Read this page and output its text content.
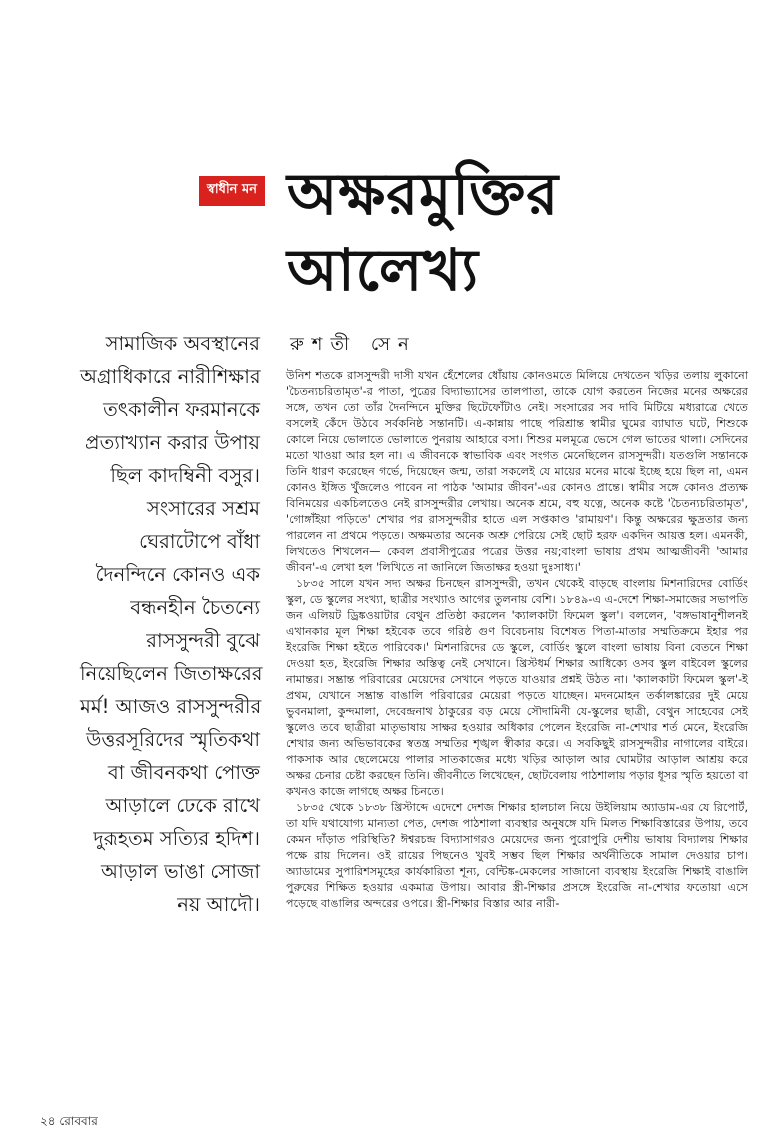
স্বাধীন মন অক্ষরমুক্তির
আলেখ্য
রুশতী সেন
সামাজিক অবস্থানের
অগ্রাধিকারে নারীশিক্ষার
তৎকালীন ফরমানকে
প্রত্যাখ্যান করার উপায়
ছিল কাদম্বিনী বসুর।
সংসারের সশ্রম
ঘেরাটোপে বাঁধা
দৈনন্দিনে কোনও এক
বন্ধনহীন চৈতন্যে
রাসসুন্দরী বুঝে
নিয়েছিলেন জিতাক্ষরের
মর্ম! আজও রাসসুন্দরীর
উত্তরসূরিদের স্মৃতিকথা
বা জীবনকথা পোক্ত
আড়ালে ঢেকে রাখে
দুরূহতম সত্যির হদিশ।
আড়াল ভাঙা সোজা
নয় আদৌ।

উনিশ শতকে রাসসুন্দরী দাসী যখন হেঁশেলের ধোঁয়ায় কোনওমতে মিলিয়ে দেখতেন খড়ির তলায় লুকানো 'চৈতন্যচরিতামৃত'-র পাতা, পুত্রের বিদ্যাভ্যাসের তালপাতা, তাকে যোগ করতেন নিজের মনের অক্ষরের সঙ্গে, তখন তো তাঁর দৈনন্দিনে মুক্তির ছিটেফোঁটাও নেই। সংসারের সব দাবি মিটিয়ে মধ্যরাত্রে খেতে বসলেই কেঁদে উঠবে সর্বকনিষ্ঠ সন্তানটি। এ-কান্নায় পাছে পরিশ্রান্ত স্বামীর ঘুমের ব্যাঘাত ঘটে, শিশুকে কোলে নিয়ে ভোলাতে ভোলাতে পুনরায় আহারে বসা। শিশুর মলমূত্রে ভেসে গেল ভাতের থালা। সেদিনের মতো খাওয়া আর হল না। এ জীবনকে স্বাভাবিক এবং সংগত মেনেছিলেন রাসসুন্দরী। যতগুলি সন্তানকে তিনি ধারণ করেছেন গর্ভে, দিয়েছেন জন্ম, তারা সকলেই যে মায়ের মনের মাঝে ইচ্ছে হয়ে ছিল না, এমন কোনও ইঙ্গিত খুঁজলেও পাবেন না পাঠক 'আমার জীবন'-এর কোনও প্রান্তে। স্বামীর সঙ্গে কোনও প্রত্যক্ষ বিনিময়ের একচিলতেও নেই রাসসুন্দরীর লেখায়। অনেক শ্রমে, বহু যত্নে, অনেক কষ্টে 'চৈতন্যচরিতামৃত', 'গোঙ্গাঁইয়া পড়িতে' শেখার পর রাসসুন্দরীর হাতে এল সপ্তকাণ্ড 'রামায়ণ'। কিন্তু অক্ষরের ক্ষুদ্রতার জন্য পারলেন না প্রথমে পড়তে। অক্ষমতার অনেক অশ্রু পেরিয়ে সেই ছোট হরফ একদিন আয়ত্ত হল। এমনকী, লিখতেও শিখলেন— কেবল প্রবাসীপুত্রের পত্রের উত্তর নয়;বাংলা ভাষায় প্রথম আত্মজীবনী 'আমার জীবন'-এ লেখা হল 'লিখিতে না জানিলে জিতাক্ষর হওয়া দুঃসাধ্য।'

১৮৩৫ সালে যখন সদ্য অক্ষর চিনছেন রাসসুন্দরী, তখন থেকেই বাড়ছে বাংলায় মিশনারিদের বোর্ডিং স্কুল, ডে স্কুলের সংখ্যা, ছাত্রীর সংখ্যাও আগের তুলনায় বেশি। ১৮৪৯-এ এ-দেশে শিক্ষা-সমাজের সভাপতি জন এলিয়ট ড্রিঙ্কওয়াটার বেথুন প্রতিষ্ঠা করলেন 'ক্যালকাটা ফিমেল স্কুল'। বললেন, 'বঙ্গভাষানুশীলনই এখানকার মূল শিক্ষা হইবেক তবে গরিষ্ঠ গুণ বিবেচনায় বিশেষত পিতা-মাতার সম্মতিক্রমে ইহার পর ইংরেজি শিক্ষা হইতে পারিবেক।' মিশনারিদের ডে স্কুলে, বোর্ডিং স্কুলে বাংলা ভাষায় বিনা বেতনে শিক্ষা দেওয়া হত, ইংরেজি শিক্ষার অস্তিত্ব নেই সেখানে। খ্রিস্টধর্ম শিক্ষার আধিক্যে ওসব স্কুল বাইবেল স্কুলের নামান্তর। সম্ভ্রান্ত পরিবারের মেয়েদের সেখানে পড়তে যাওয়ার প্রশ্নই উঠত না। 'ক্যালকাটা ফিমেল স্কুল'-ই প্রথম, যেখানে সম্ভ্রান্ত বাঙালি পরিবারের মেয়েরা পড়তে যাচ্ছেন। মদনমোহন তর্কালঙ্কারের দুই মেয়ে ভুবনমালা, কুন্দমালা, দেবেন্দ্রনাথ ঠাকুরের বড় মেয়ে সৌদামিনী যে-স্কুলের ছাত্রী, বেথুন সাহেবের সেই স্কুলেও তবে ছাত্রীরা মাতৃভাষায় সাক্ষর হওয়ার অধিকার পেলেন ইংরেজি না-শেখার শর্ত মেনে, ইংরেজি শেখার জন্য অভিভাবকের স্বতন্ত্র সম্মতির শৃঙ্খল স্বীকার করে। এ সবকিছুই রাসসুন্দরীর নাগালের বাইরে। পাকসাক আর ছেলেমেয়ে পালার সাতকাজের মধ্যে খড়ির আড়াল আর ঘোমটার আড়াল আশ্রয় করে অক্ষর চেনার চেষ্টা করছেন তিনি। জীবনীতে লিখেছেন, ছোটবেলায় পাঠশালায় পড়ার ধূসর স্মৃতি হয়তো বা কখনও কাজে লাগছে অক্ষর চিনতে।

১৮৩৫ থেকে ১৮৩৮ খ্রিস্টাব্দে এদেশে দেশজ শিক্ষার হালচাল নিয়ে উইলিয়াম অ্যাডাম-এর যে রিপোর্ট, তা যদি যথাযোগ্য মান্যতা পেত, দেশজ পাঠশালা ব্যবস্থার অনুষঙ্গে যদি মিলত শিক্ষাবিস্তারের উপায়, তবে কেমন দাঁড়াত পরিস্থিতি? ঈশ্বরচন্দ্র বিদ্যাসাগরও মেয়েদের জন্য পুরোপুরি দেশীয় ভাষায় বিদ্যালয় শিক্ষার পক্ষে রায় দিলেন। ওই রায়ের পিছনেও খুবই সম্ভব ছিল শিক্ষার অর্থনীতিকে সামাল দেওয়ার চাপ। অ্যাডামের সুপারিশসমূহের কার্যকারিতা শূন্য, বেন্টিঙ্ক-মেকলের সাজানো ব্যবস্থায় ইংরেজি শিক্ষাই বাঙালি পুরুষের শিক্ষিত হওয়ার একমাত্র উপায়। আবার স্ত্রী-শিক্ষার প্রসঙ্গে ইংরেজি না-শেখার ফতোয়া এসে পড়েছে বাঙালির অন্দরের ওপরে। স্ত্রী-শিক্ষার বিস্তার আর নারী-

২৪ রোববার
